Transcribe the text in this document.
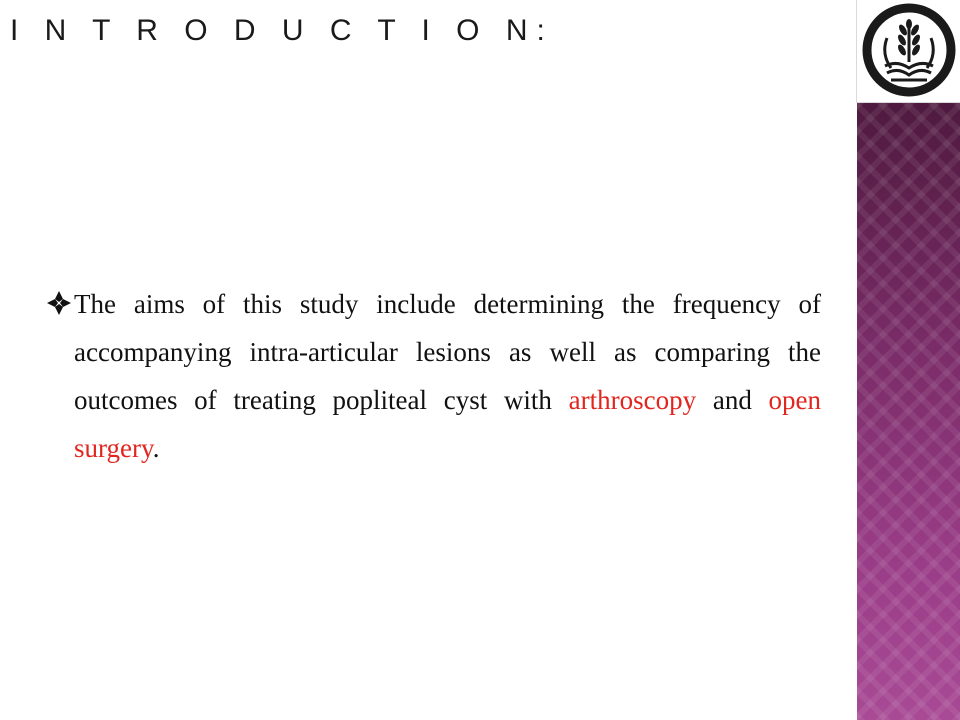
I N T R O D U C T I O N:

The aims of this study include determining the frequency of accompanying intra-articular lesions as well as comparing the outcomes of treating popliteal cyst with arthroscopy and open surgery.
